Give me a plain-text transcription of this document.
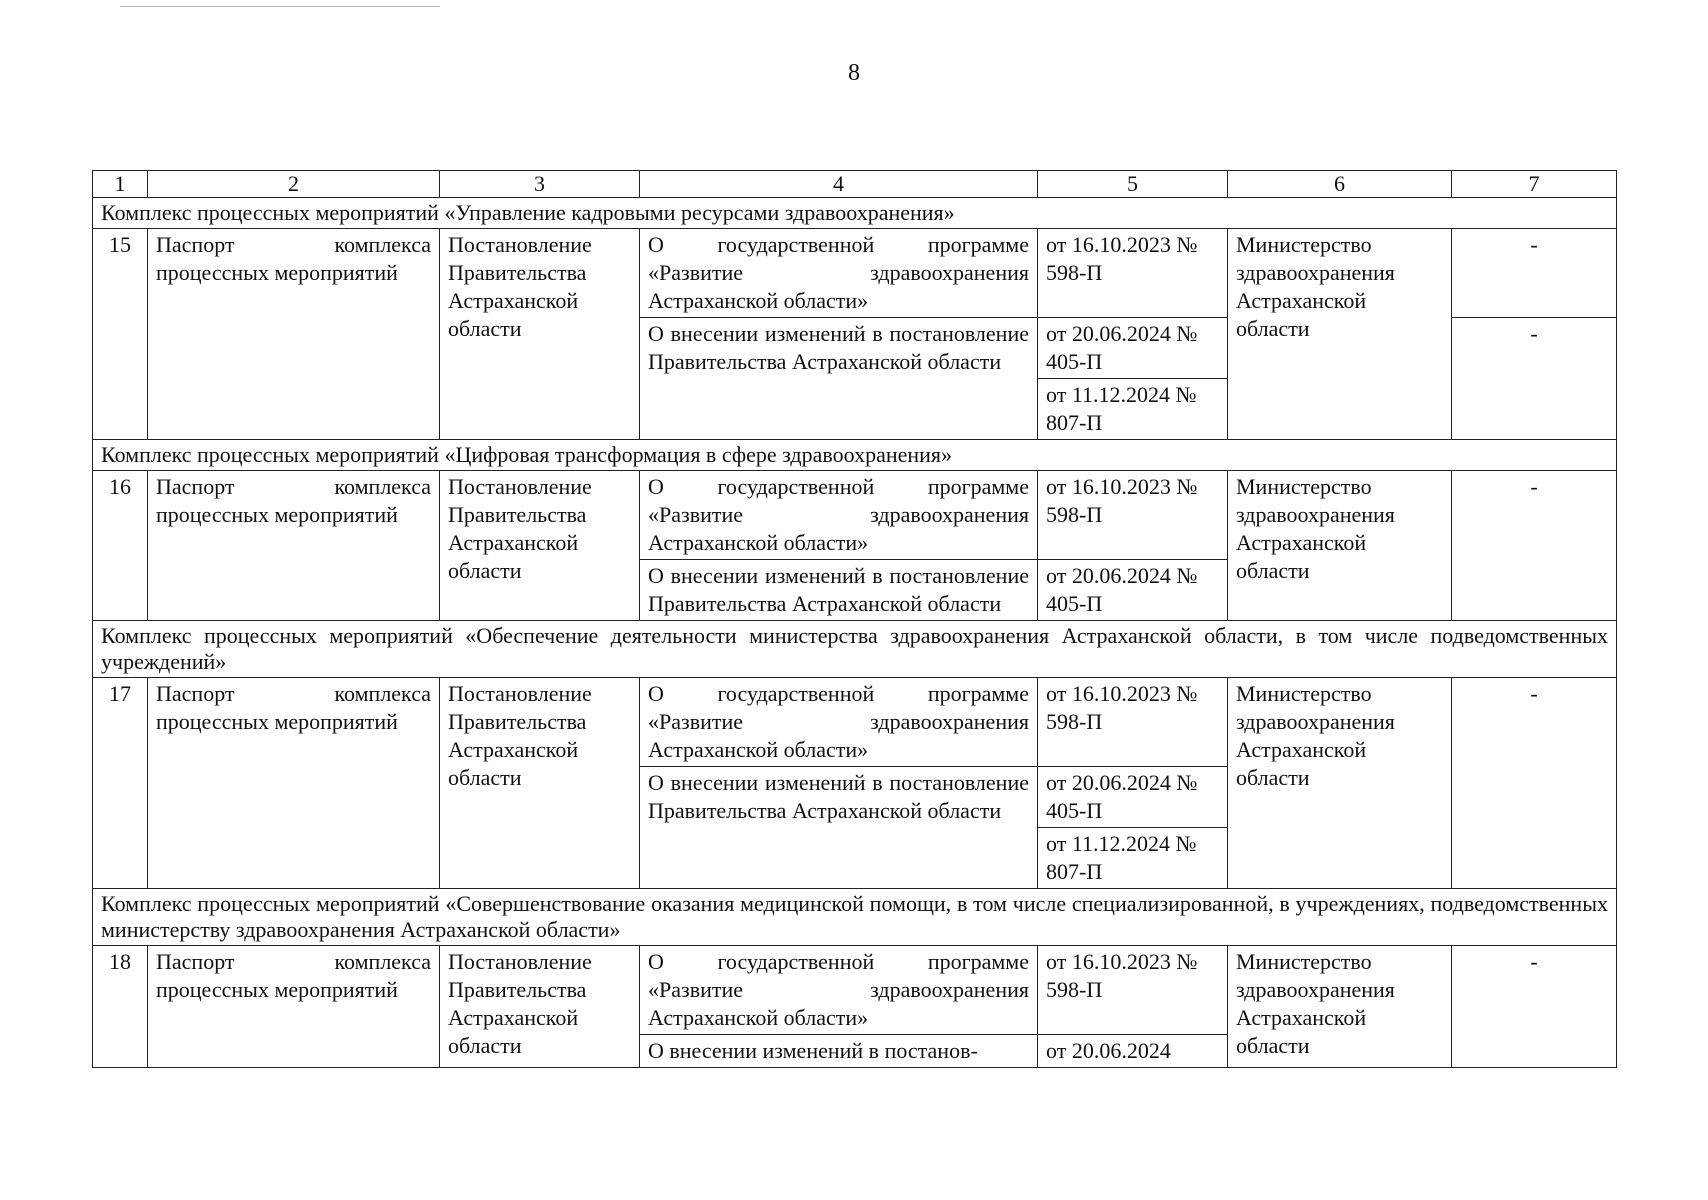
8
1	2	3	4	5	6	7
Комплекс процессных мероприятий «Управление кадровыми ресурсами здравоохранения»						
15	Паспорт комплекса процессных мероприятий	Постановление Правительства Астраханской области	О государственной программе «Развитие здравоохранения Астраханской области»	от 16.10.2023 № 598-П	Министерство здравоохранения Астраханской области	-
			О внесении изменений в постановление Правительства Астраханской области	от 20.06.2024 № 405-П		-
				от 11.12.2024 № 807-П		
Комплекс процессных мероприятий «Цифровая трансформация в сфере здравоохранения»						
16	Паспорт комплекса процессных мероприятий	Постановление Правительства Астраханской области	О государственной программе «Развитие здравоохранения Астраханской области»	от 16.10.2023 № 598-П	Министерство здравоохранения Астраханской области	-
			О внесении изменений в постановление Правительства Астраханской области	от 20.06.2024 № 405-П		
Комплекс процессных мероприятий «Обеспечение деятельности министерства здравоохранения Астраханской области, в том числе подведомственных учреждений»						
17	Паспорт комплекса процессных мероприятий	Постановление Правительства Астраханской области	О государственной программе «Развитие здравоохранения Астраханской области»	от 16.10.2023 № 598-П	Министерство здравоохранения Астраханской области	-
			О внесении изменений в постановление Правительства Астраханской области	от 20.06.2024 № 405-П		
				от 11.12.2024 № 807-П		
Комплекс процессных мероприятий «Совершенствование оказания медицинской помощи, в том числе специализированной, в учреждениях, подведомственных министерству здравоохранения Астраханской области»						
18	Паспорт комплекса процессных мероприятий	Постановление Правительства Астраханской области	О государственной программе «Развитие здравоохранения Астраханской области»	от 16.10.2023 № 598-П	Министерство здравоохранения Астраханской области	-
			О внесении изменений в постанов-	от 20.06.2024		
